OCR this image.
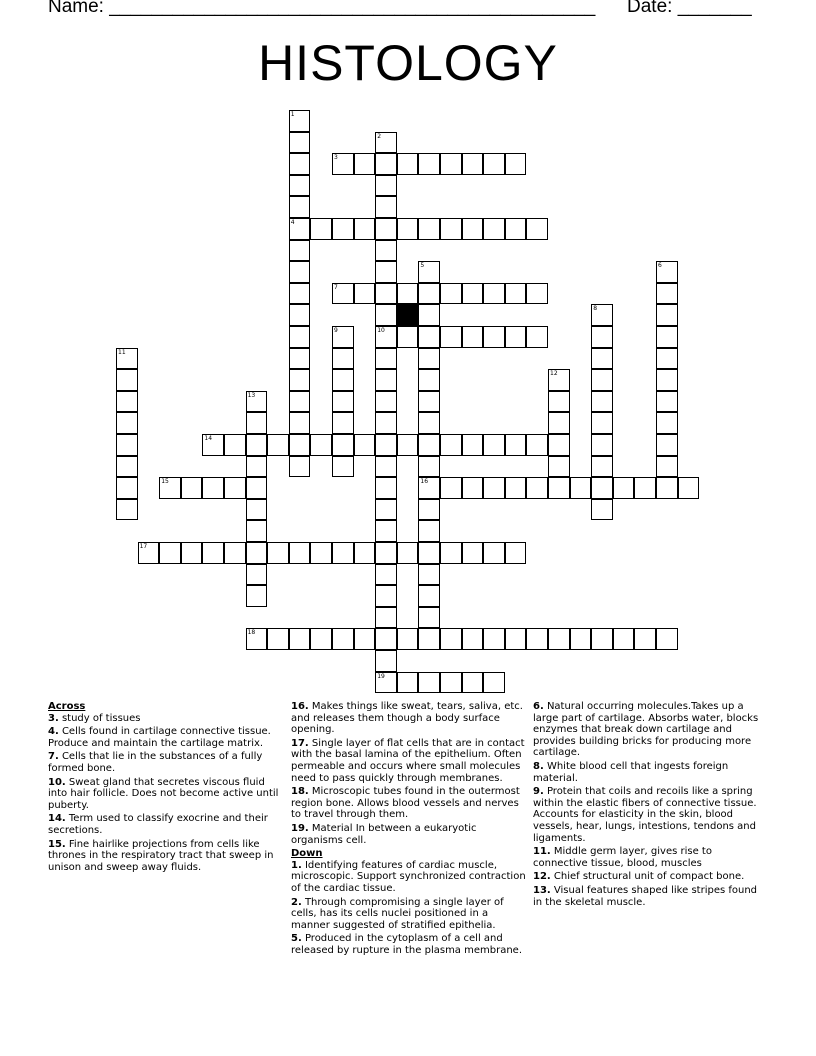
Name: ______________________________________________ Date: _______
HISTOLOGY
1
4
2
10
3
5
16
6
7
8
9
11
12
13
14
15
17
18
19

Across

3. study of tissues

4. Cells found in cartilage connective tissue. Produce and maintain the cartilage matrix.

7. Cells that lie in the substances of a fully formed bone.

10. Sweat gland that secretes viscous fluid into hair follicle. Does not become active until puberty.

14. Term used to classify exocrine and their secretions.

15. Fine hairlike projections from cells like thrones in the respiratory tract that sweep in unison and sweep away fluids.

16. Makes things like sweat, tears, saliva, etc. and releases them though a body surface opening.

17. Single layer of flat cells that are in contact with the basal lamina of the epithelium. Often permeable and occurs where small molecules need to pass quickly through membranes.

18. Microscopic tubes found in the outermost region bone. Allows blood vessels and nerves to travel through them.

19. Material In between a eukaryotic organisms cell.

Down

1. Identifying features of cardiac muscle, microscopic. Support synchronized contraction of the cardiac tissue.

2. Through compromising a single layer of cells, has its cells nuclei positioned in a manner suggested of stratified epithelia.

5. Produced in the cytoplasm of a cell and released by rupture in the plasma membrane.

6. Natural occurring molecules.Takes up a large part of cartilage. Absorbs water, blocks enzymes that break down cartilage and provides building bricks for producing more cartilage.

8. White blood cell that ingests foreign material.

9. Protein that coils and recoils like a spring within the elastic fibers of connective tissue. Accounts for elasticity in the skin, blood vessels, hear, lungs, intestions, tendons and ligaments.

11. Middle germ layer, gives rise to connective tissue, blood, muscles

12. Chief structural unit of compact bone.

13. Visual features shaped like stripes found in the skeletal muscle.
